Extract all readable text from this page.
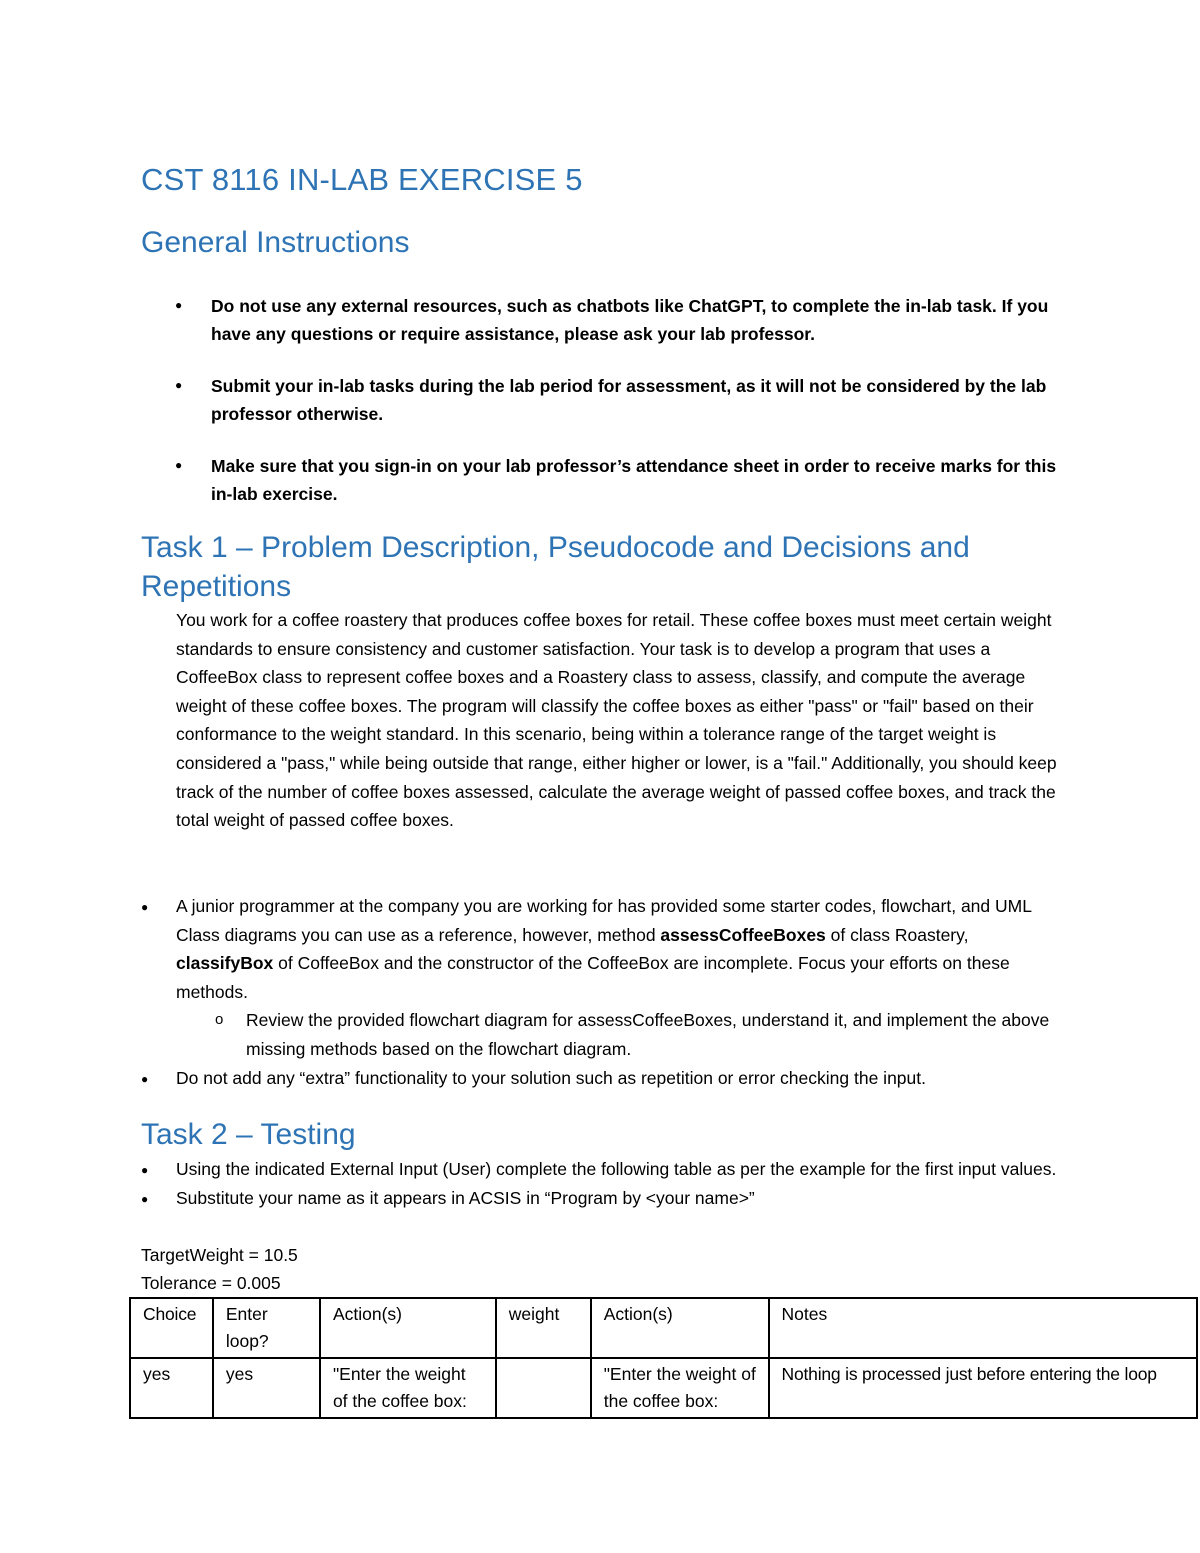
CST 8116 IN-LAB EXERCISE 5
General Instructions
● Do not use any external resources, such as chatbots like ChatGPT, to complete the in-lab task. If you have any questions or require assistance, please ask your lab professor.
● Submit your in-lab tasks during the lab period for assessment, as it will not be considered by the lab professor otherwise.
● Make sure that you sign-in on your lab professor’s attendance sheet in order to receive marks for this in-lab exercise.
Task 1 – Problem Description, Pseudocode and Decisions and Repetitions

You work for a coffee roastery that produces coffee boxes for retail. These coffee boxes must meet certain weight standards to ensure consistency and customer satisfaction. Your task is to develop a program that uses a CoffeeBox class to represent coffee boxes and a Roastery class to assess, classify, and compute the average weight of these coffee boxes. The program will classify the coffee boxes as either "pass" or "fail" based on their conformance to the weight standard. In this scenario, being within a tolerance range of the target weight is considered a "pass," while being outside that range, either higher or lower, is a "fail." Additionally, you should keep track of the number of coffee boxes assessed, calculate the average weight of passed coffee boxes, and track the total weight of passed coffee boxes.

● A junior programmer at the company you are working for has provided some starter codes, flowchart, and UML Class diagrams you can use as a reference, however, method assessCoffeeBoxes of class Roastery, classifyBox of CoffeeBox and the constructor of the CoffeeBox are incomplete. Focus your efforts on these methods.
o Review the provided flowchart diagram for assessCoffeeBoxes, understand it, and implement the above missing methods based on the flowchart diagram.
● Do not add any “extra” functionality to your solution such as repetition or error checking the input.
Task 2 – Testing
● Using the indicated External Input (User) complete the following table as per the example for the first input values.
● Substitute your name as it appears in ACSIS in “Program by <your name>”

TargetWeight = 10.5

Tolerance = 0.005

Choice	Enter loop?	Action(s)	weight	Action(s)	Notes
yes	yes	"Enter the weight of the coffee box:		"Enter the weight of the coffee box:	Nothing is processed just before entering the loop
